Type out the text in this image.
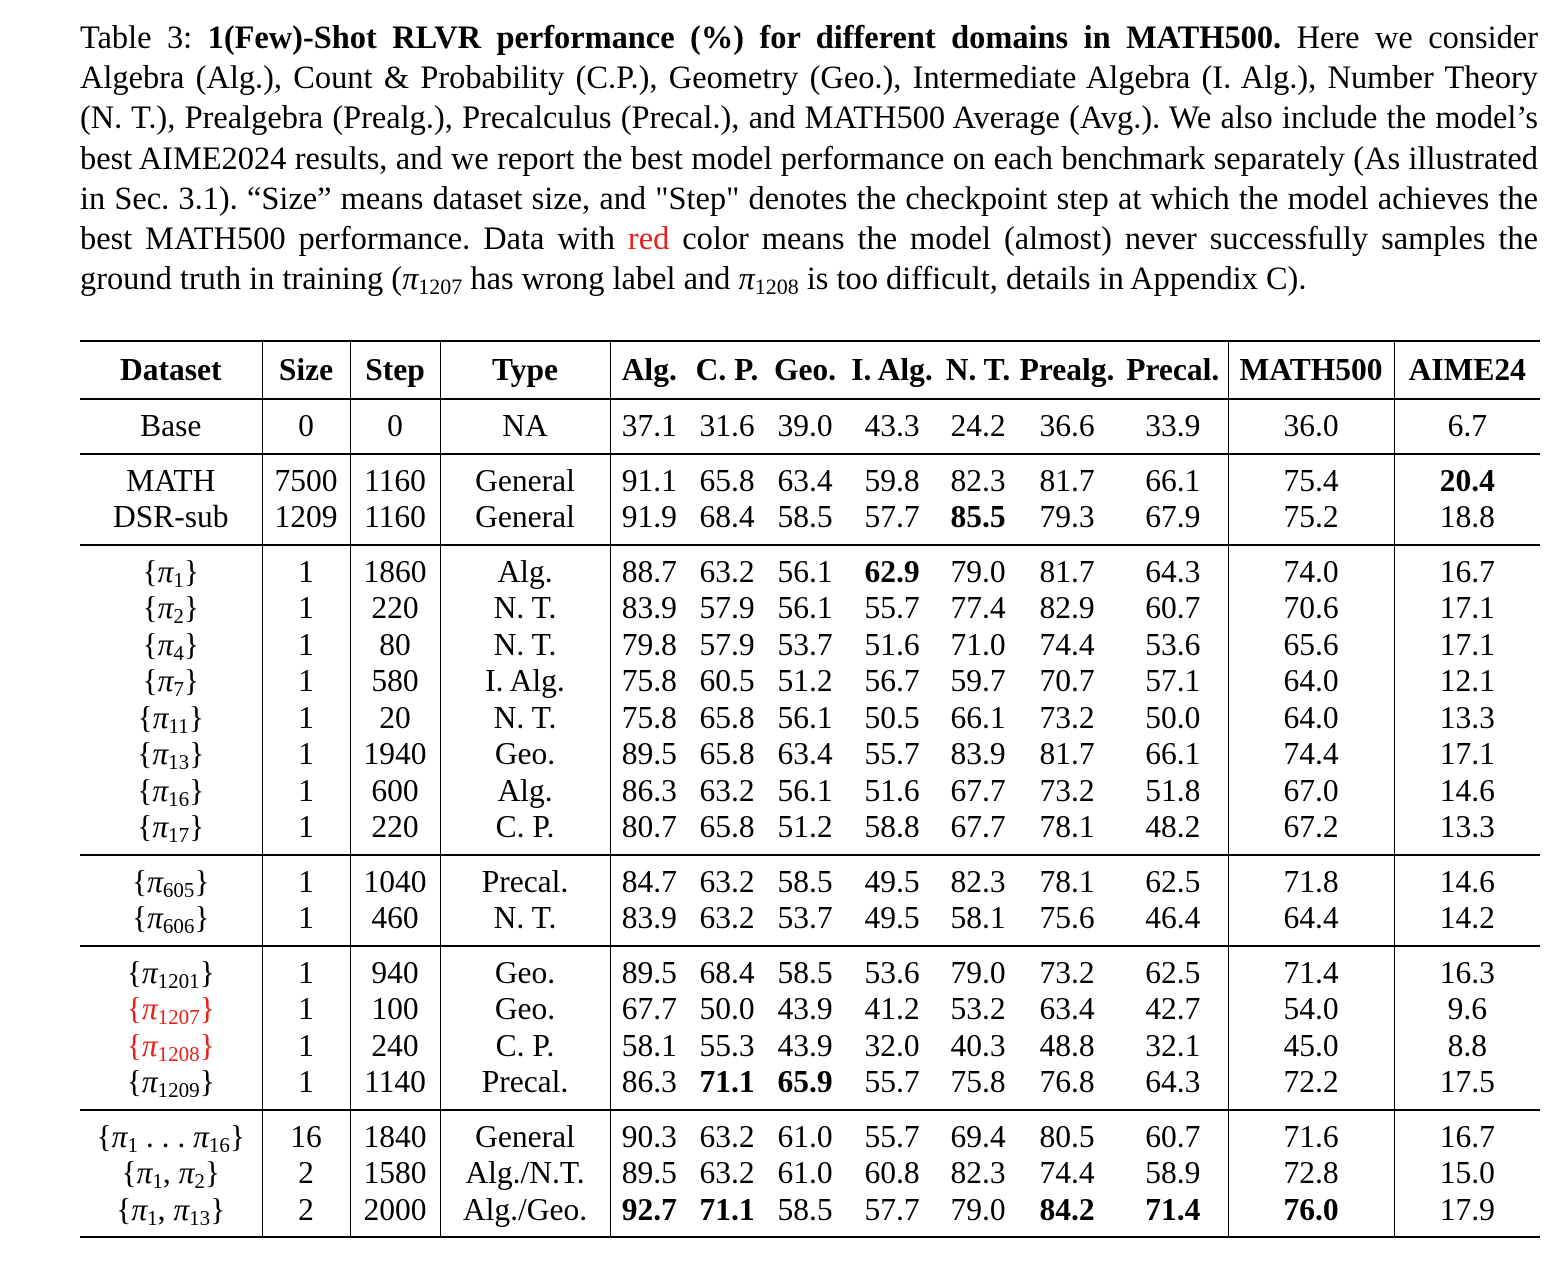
Table 3: 1(Few)-Shot RLVR performance (%) for different domains in MATH500. Here we consider Algebra (Alg.), Count & Probability (C.P.), Geometry (Geo.), Intermediate Algebra (I. Alg.), Number Theory (N. T.), Prealgebra (Prealg.), Precalculus (Precal.), and MATH500 Average (Avg.). We also include the model’s best AIME2024 results, and we report the best model performance on each benchmark separately (As illustrated in Sec. 3.1). “Size” means dataset size, and "Step" denotes the checkpoint step at which the model achieves the best MATH500 performance. Data with red color means the model (almost) never successfully samples the ground truth in training ($\pi_{1207}$ has wrong label and $\pi_{1208}$ is too difficult, details in Appendix C).
Dataset	Size	Step	Type	Alg.	C. P.	Geo.	I. Alg.	N. T.	Prealg.	Precal.	MATH500	AIME24
Base	0	0	NA	37.1	31.6	39.0	43.3	24.2	36.6	33.9	36.0	6.7
MATH	7500	1160	General	91.1	65.8	63.4	59.8	82.3	81.7	66.1	75.4	20.4
DSR-sub	1209	1160	General	91.9	68.4	58.5	57.7	85.5	79.3	67.9	75.2	18.8
$\{\pi_1\}$	1	1860	Alg.	88.7	63.2	56.1	62.9	79.0	81.7	64.3	74.0	16.7
$\{\pi_2\}$	1	220	N. T.	83.9	57.9	56.1	55.7	77.4	82.9	60.7	70.6	17.1
$\{\pi_4\}$	1	80	N. T.	79.8	57.9	53.7	51.6	71.0	74.4	53.6	65.6	17.1
$\{\pi_7\}$	1	580	I. Alg.	75.8	60.5	51.2	56.7	59.7	70.7	57.1	64.0	12.1
$\{\pi_{11}\}$	1	20	N. T.	75.8	65.8	56.1	50.5	66.1	73.2	50.0	64.0	13.3
$\{\pi_{13}\}$	1	1940	Geo.	89.5	65.8	63.4	55.7	83.9	81.7	66.1	74.4	17.1
$\{\pi_{16}\}$	1	600	Alg.	86.3	63.2	56.1	51.6	67.7	73.2	51.8	67.0	14.6
$\{\pi_{17}\}$	1	220	C. P.	80.7	65.8	51.2	58.8	67.7	78.1	48.2	67.2	13.3
$\{\pi_{605}\}$	1	1040	Precal.	84.7	63.2	58.5	49.5	82.3	78.1	62.5	71.8	14.6
$\{\pi_{606}\}$	1	460	N. T.	83.9	63.2	53.7	49.5	58.1	75.6	46.4	64.4	14.2
$\{\pi_{1201}\}$	1	940	Geo.	89.5	68.4	58.5	53.6	79.0	73.2	62.5	71.4	16.3
$\{\pi_{1207}\}$	1	100	Geo.	67.7	50.0	43.9	41.2	53.2	63.4	42.7	54.0	9.6
$\{\pi_{1208}\}$	1	240	C. P.	58.1	55.3	43.9	32.0	40.3	48.8	32.1	45.0	8.8
$\{\pi_{1209}\}$	1	1140	Precal.	86.3	71.1	65.9	55.7	75.8	76.8	64.3	72.2	17.5
{$\pi_1$ . . . $\pi_{16}$}	16	1840	General	90.3	63.2	61.0	55.7	69.4	80.5	60.7	71.6	16.7
{$\pi_1$, $\pi_2$}	2	1580	Alg./N.T.	89.5	63.2	61.0	60.8	82.3	74.4	58.9	72.8	15.0
{$\pi_1$, $\pi_{13}$}	2	2000	Alg./Geo.	92.7	71.1	58.5	57.7	79.0	84.2	71.4	76.0	17.9
